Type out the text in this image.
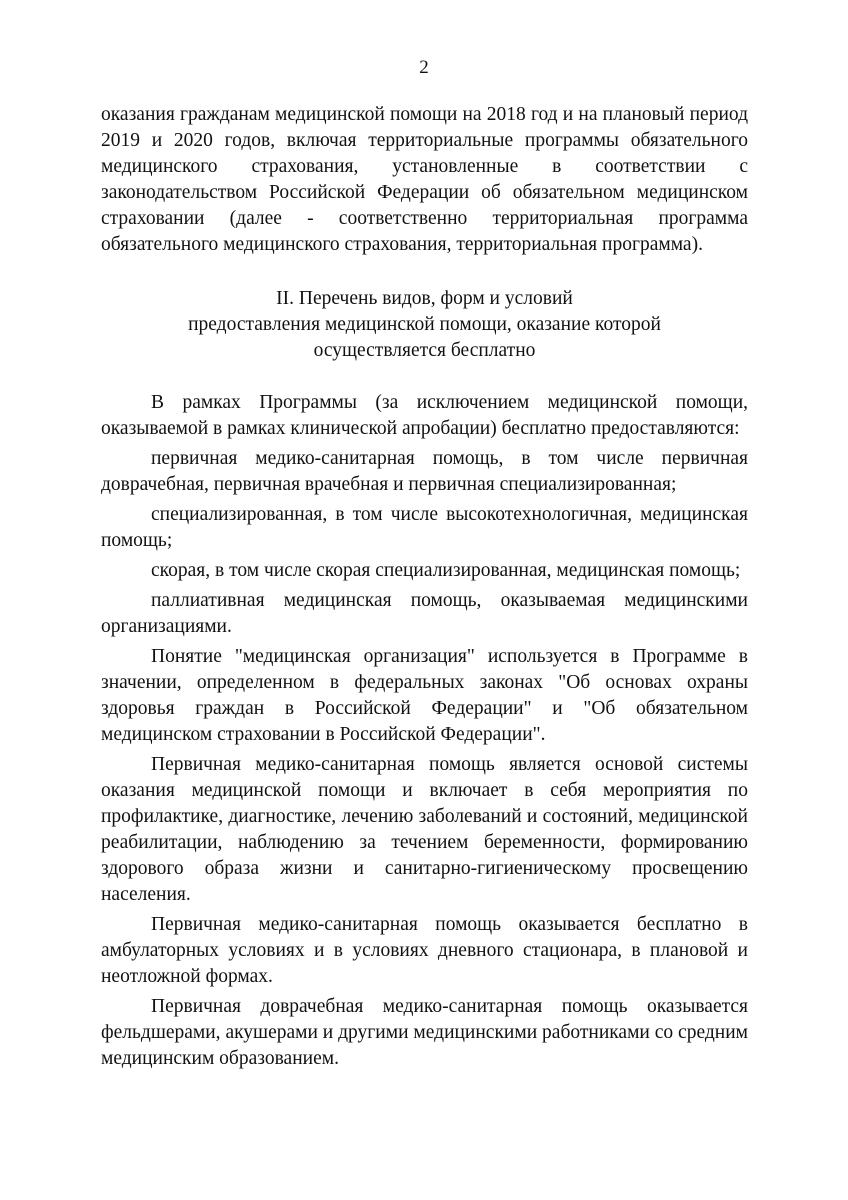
2

оказания гражданам медицинской помощи на 2018 год и на плановый период 2019 и 2020 годов, включая территориальные программы обязательного медицинского страхования, установленные в соответствии с законодательством Российской Федерации об обязательном медицинском страховании (далее - соответственно территориальная программа обязательного медицинского страхования, территориальная программа).

II. Перечень видов, форм и условий
предоставления медицинской помощи, оказание которой
осуществляется бесплатно

В рамках Программы (за исключением медицинской помощи, оказываемой в рамках клинической апробации) бесплатно предоставляются:

первичная медико-санитарная помощь, в том числе первичная доврачебная, первичная врачебная и первичная специализированная;

специализированная, в том числе высокотехнологичная, медицинская помощь;

скорая, в том числе скорая специализированная, медицинская помощь;

паллиативная медицинская помощь, оказываемая медицинскими организациями.

Понятие "медицинская организация" используется в Программе в значении, определенном в федеральных законах "Об основах охраны здоровья граждан в Российской Федерации" и "Об обязательном медицинском страховании в Российской Федерации".

Первичная медико-санитарная помощь является основой системы оказания медицинской помощи и включает в себя мероприятия по профилактике, диагностике, лечению заболеваний и состояний, медицинской реабилитации, наблюдению за течением беременности, формированию здорового образа жизни и санитарно-гигиеническому просвещению населения.

Первичная медико-санитарная помощь оказывается бесплатно в амбулаторных условиях и в условиях дневного стационара, в плановой и неотложной формах.

Первичная доврачебная медико-санитарная помощь оказывается фельдшерами, акушерами и другими медицинскими работниками со средним медицинским образованием.
